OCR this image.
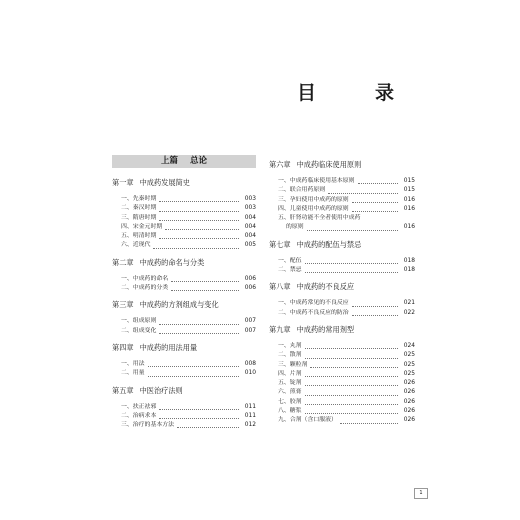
目　录
上篇 总论
第一章 中成药发展简史
一、先秦时期	003
二、秦汉时期	003
三、隋唐时期	004
四、宋金元时期	004
五、明清时期	004
六、近现代	005
第二章 中成药的命名与分类
一、中成药的命名	006
二、中成药的分类	006
第三章 中成药的方剂组成与变化
一、组成原则	007
二、组成变化	007
第四章 中成药的用法用量
一、用法	008
二、用量	010
第五章 中医治疗法则
一、扶正祛邪	011
二、治病求本	011
三、治疗的基本方法	012
第六章 中成药临床使用原则
一、中成药临床使用基本原则	015
二、联合用药原则	015
三、孕妇使用中成药的原则	016
四、儿童使用中成药的原则	016
五、肝肾功能不全者使用中成药
的原则	016
第七章 中成药的配伍与禁忌
一、配伍	018
二、禁忌	018
第八章 中成药的不良反应
一、中成药常见的不良反应	021
二、中成药不良反应的防治	022
第九章 中成药的常用剂型
一、丸剂	024
二、散剂	025
三、颗粒剂	025
四、片剂	025
五、锭剂	026
六、煎膏	026
七、胶剂	026
八、糖浆	026
九、合剂（含口服液）	026
1
